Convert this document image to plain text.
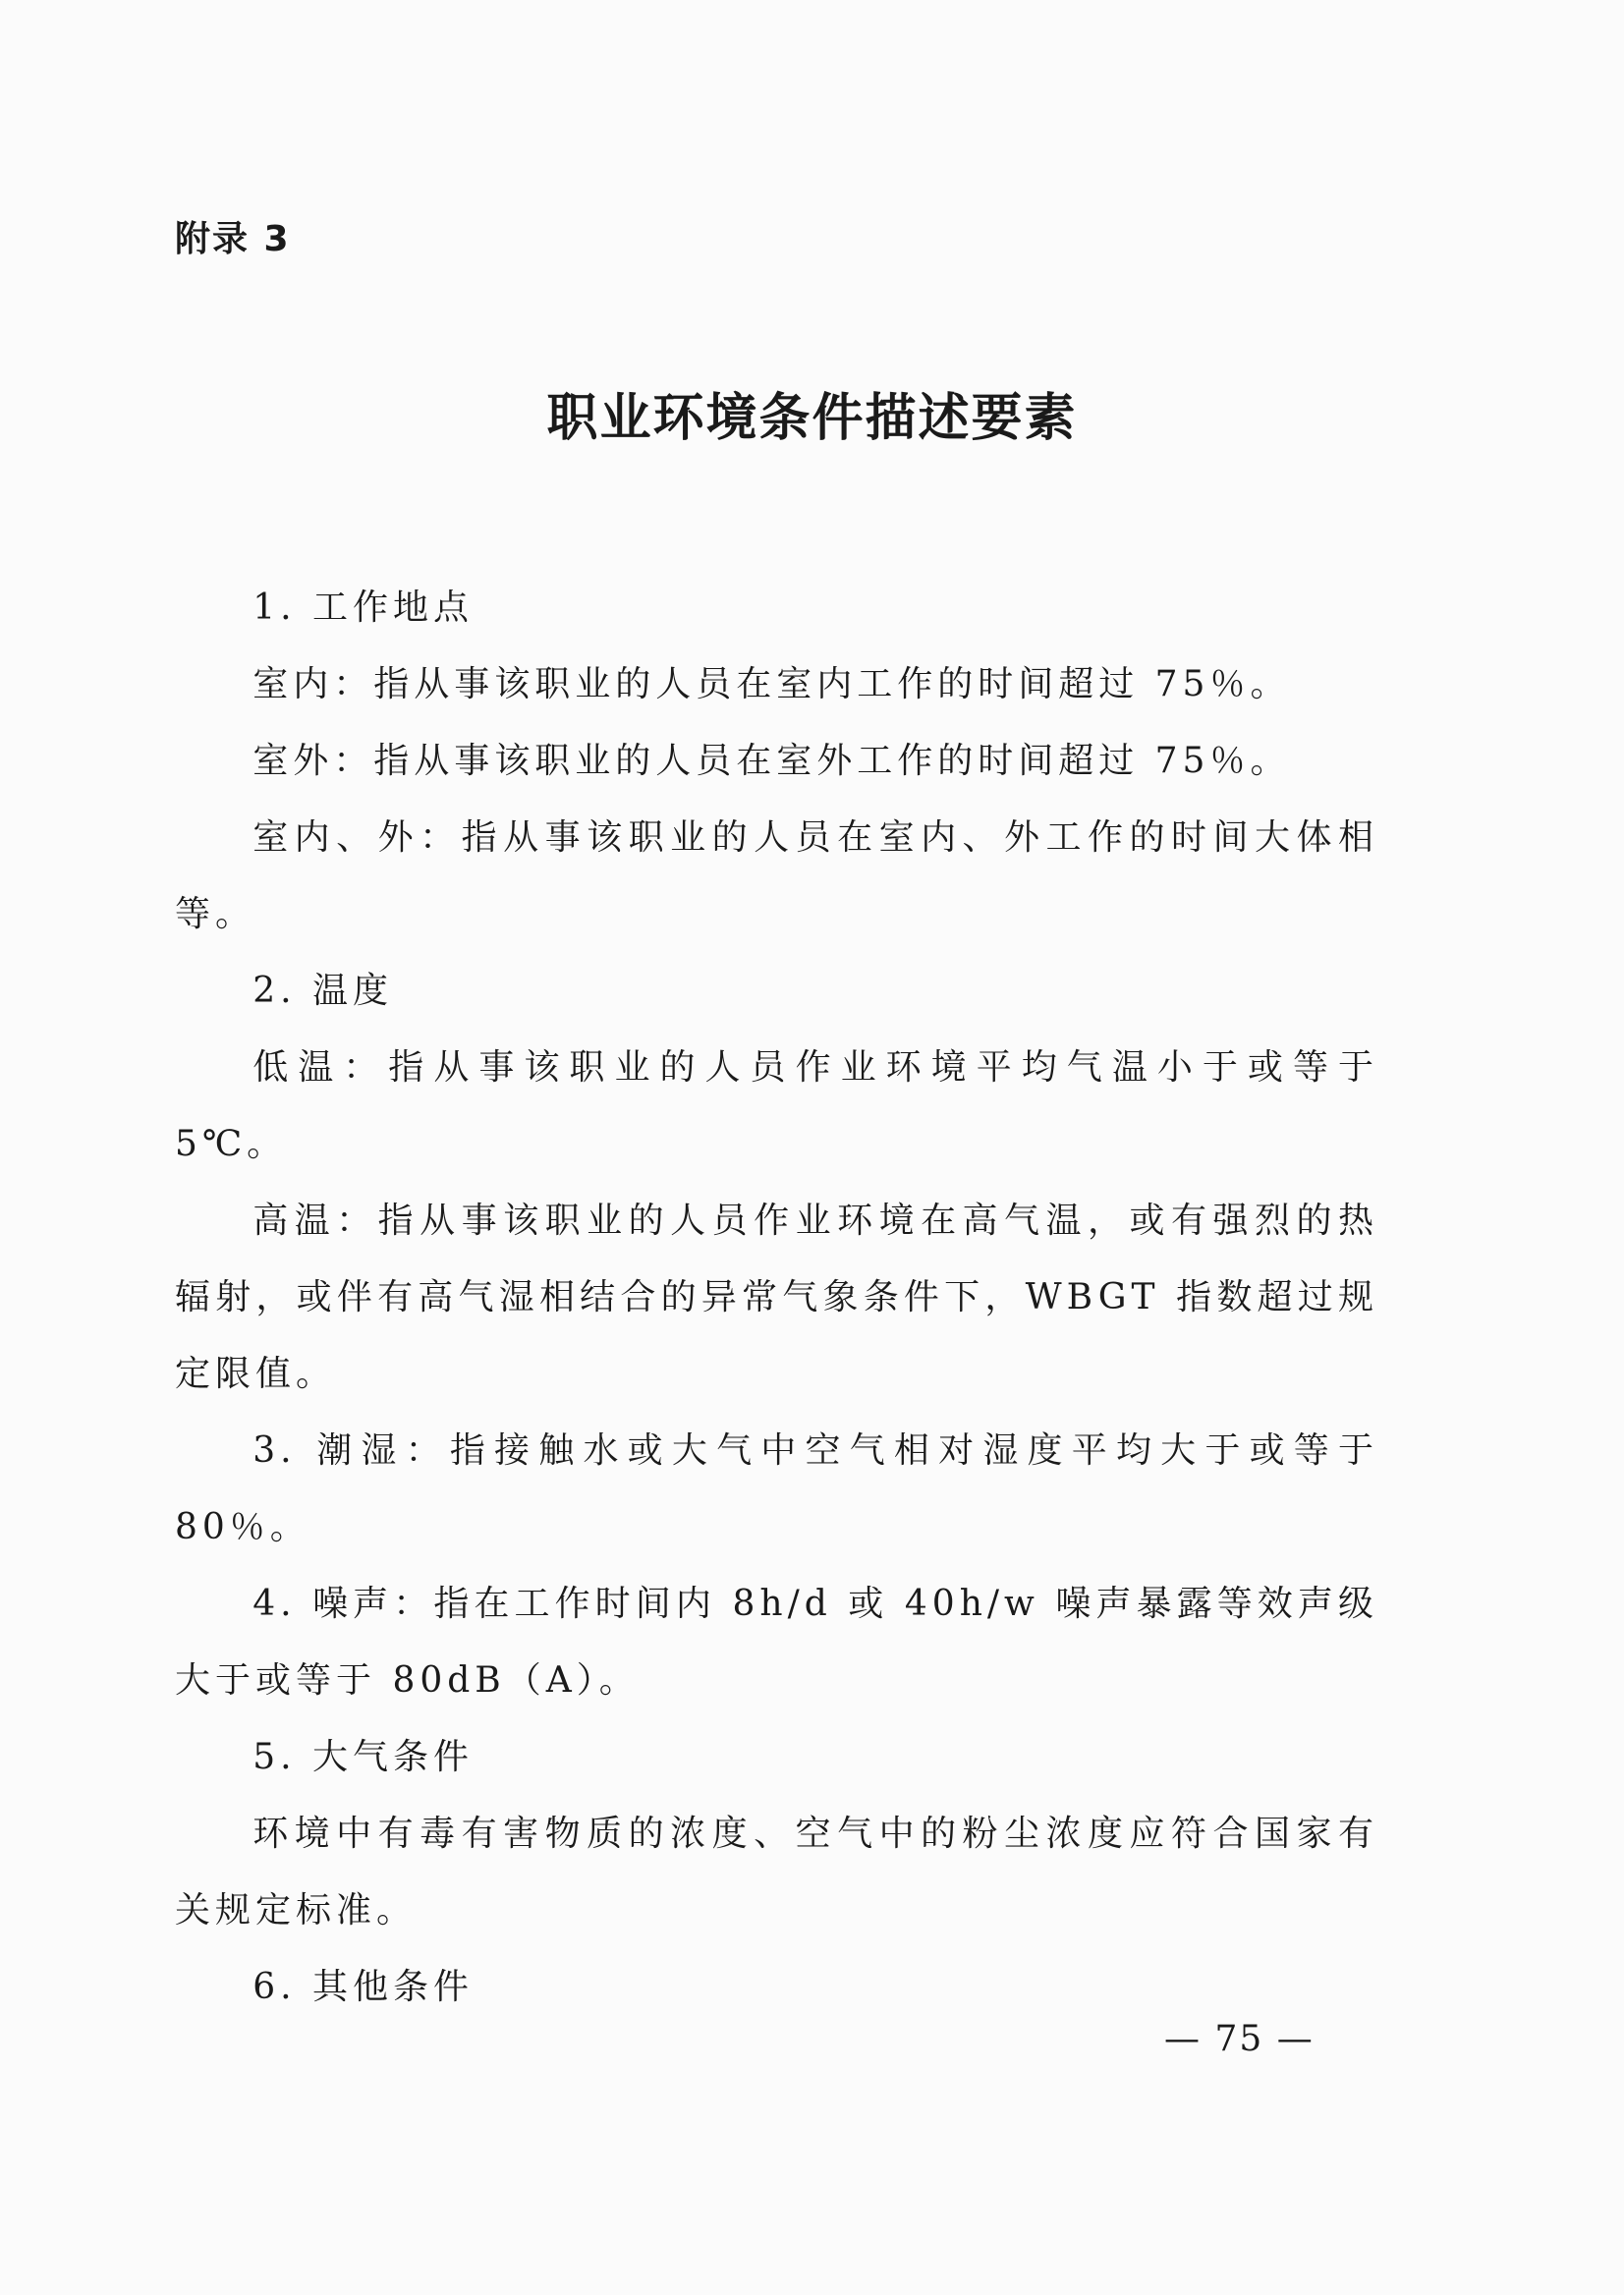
附录 3
职业环境条件描述要素

1. 工作地点

室内：指从事该职业的人员在室内工作的时间超过 75％。

室外：指从事该职业的人员在室外工作的时间超过 75％。

室内、外：指从事该职业的人员在室内、外工作的时间大体相等。

2. 温度

低温：指从事该职业的人员作业环境平均气温小于或等于 5℃。

高温：指从事该职业的人员作业环境在高气温，或有强烈的热辐射，或伴有高气湿相结合的异常气象条件下，WBGT 指数超过规定限值。

3. 潮湿：指接触水或大气中空气相对湿度平均大于或等于 80％。

4. 噪声：指在工作时间内 8h/d 或 40h/w 噪声暴露等效声级大于或等于 80dB（A）。

5. 大气条件

环境中有毒有害物质的浓度、空气中的粉尘浓度应符合国家有关规定标准。

6. 其他条件

— 75 —
